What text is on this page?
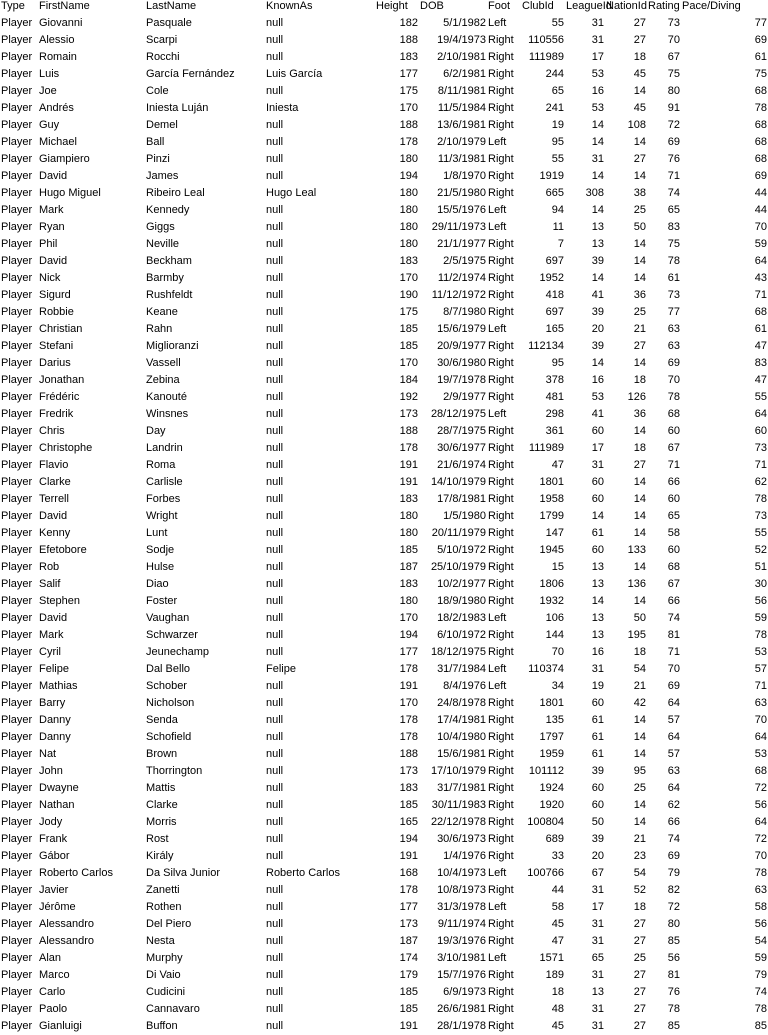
Type	FirstName	LastName	KnownAs	Height	DOB	Foot	ClubId	LeagueId	NationId	Rating	Pace/Diving
Player	Giovanni	Pasquale	null	182	5/1/1982	Left	55	31	27	73	77
Player	Alessio	Scarpi	null	188	19/4/1973	Right	110556	31	27	70	69
Player	Romain	Rocchi	null	183	2/10/1981	Right	111989	17	18	67	61
Player	Luis	García Fernández	Luis García	177	6/2/1981	Right	244	53	45	75	75
Player	Joe	Cole	null	175	8/11/1981	Right	65	16	14	80	68
Player	Andrés	Iniesta Luján	Iniesta	170	11/5/1984	Right	241	53	45	91	78
Player	Guy	Demel	null	188	13/6/1981	Right	19	14	108	72	68
Player	Michael	Ball	null	178	2/10/1979	Left	95	14	14	69	68
Player	Giampiero	Pinzi	null	180	11/3/1981	Right	55	31	27	76	68
Player	David	James	null	194	1/8/1970	Right	1919	14	14	71	69
Player	Hugo Miguel	Ribeiro Leal	Hugo Leal	180	21/5/1980	Right	665	308	38	74	44
Player	Mark	Kennedy	null	180	15/5/1976	Left	94	14	25	65	44
Player	Ryan	Giggs	null	180	29/11/1973	Left	11	13	50	83	70
Player	Phil	Neville	null	180	21/1/1977	Right	7	13	14	75	59
Player	David	Beckham	null	183	2/5/1975	Right	697	39	14	78	64
Player	Nick	Barmby	null	170	11/2/1974	Right	1952	14	14	61	43
Player	Sigurd	Rushfeldt	null	190	11/12/1972	Right	418	41	36	73	71
Player	Robbie	Keane	null	175	8/7/1980	Right	697	39	25	77	68
Player	Christian	Rahn	null	185	15/6/1979	Left	165	20	21	63	61
Player	Stefani	Miglioranzi	null	185	20/9/1977	Right	112134	39	27	63	47
Player	Darius	Vassell	null	170	30/6/1980	Right	95	14	14	69	83
Player	Jonathan	Zebina	null	184	19/7/1978	Right	378	16	18	70	47
Player	Frédéric	Kanouté	null	192	2/9/1977	Right	481	53	126	78	55
Player	Fredrik	Winsnes	null	173	28/12/1975	Left	298	41	36	68	64
Player	Chris	Day	null	188	28/7/1975	Right	361	60	14	60	60
Player	Christophe	Landrin	null	178	30/6/1977	Right	111989	17	18	67	73
Player	Flavio	Roma	null	191	21/6/1974	Right	47	31	27	71	71
Player	Clarke	Carlisle	null	191	14/10/1979	Right	1801	60	14	66	62
Player	Terrell	Forbes	null	183	17/8/1981	Right	1958	60	14	60	78
Player	David	Wright	null	180	1/5/1980	Right	1799	14	14	65	73
Player	Kenny	Lunt	null	180	20/11/1979	Right	147	61	14	58	55
Player	Efetobore	Sodje	null	185	5/10/1972	Right	1945	60	133	60	52
Player	Rob	Hulse	null	187	25/10/1979	Right	15	13	14	68	51
Player	Salif	Diao	null	183	10/2/1977	Right	1806	13	136	67	30
Player	Stephen	Foster	null	180	18/9/1980	Right	1932	14	14	66	56
Player	David	Vaughan	null	170	18/2/1983	Left	106	13	50	74	59
Player	Mark	Schwarzer	null	194	6/10/1972	Right	144	13	195	81	78
Player	Cyril	Jeunechamp	null	177	18/12/1975	Right	70	16	18	71	53
Player	Felipe	Dal Bello	Felipe	178	31/7/1984	Left	110374	31	54	70	57
Player	Mathias	Schober	null	191	8/4/1976	Left	34	19	21	69	71
Player	Barry	Nicholson	null	170	24/8/1978	Right	1801	60	42	64	63
Player	Danny	Senda	null	178	17/4/1981	Right	135	61	14	57	70
Player	Danny	Schofield	null	178	10/4/1980	Right	1797	61	14	64	64
Player	Nat	Brown	null	188	15/6/1981	Right	1959	61	14	57	53
Player	John	Thorrington	null	173	17/10/1979	Right	101112	39	95	63	68
Player	Dwayne	Mattis	null	183	31/7/1981	Right	1924	60	25	64	72
Player	Nathan	Clarke	null	185	30/11/1983	Right	1920	60	14	62	56
Player	Jody	Morris	null	165	22/12/1978	Right	100804	50	14	66	64
Player	Frank	Rost	null	194	30/6/1973	Right	689	39	21	74	72
Player	Gábor	Király	null	191	1/4/1976	Right	33	20	23	69	70
Player	Roberto Carlos	Da Silva Junior	Roberto Carlos	168	10/4/1973	Left	100766	67	54	79	78
Player	Javier	Zanetti	null	178	10/8/1973	Right	44	31	52	82	63
Player	Jérôme	Rothen	null	177	31/3/1978	Left	58	17	18	72	58
Player	Alessandro	Del Piero	null	173	9/11/1974	Right	45	31	27	80	56
Player	Alessandro	Nesta	null	187	19/3/1976	Right	47	31	27	85	54
Player	Alan	Murphy	null	174	3/10/1981	Left	1571	65	25	56	59
Player	Marco	Di Vaio	null	179	15/7/1976	Right	189	31	27	81	79
Player	Carlo	Cudicini	null	185	6/9/1973	Right	18	13	27	76	74
Player	Paolo	Cannavaro	null	185	26/6/1981	Right	48	31	27	78	78
Player	Gianluigi	Buffon	null	191	28/1/1978	Right	45	31	27	85	85
